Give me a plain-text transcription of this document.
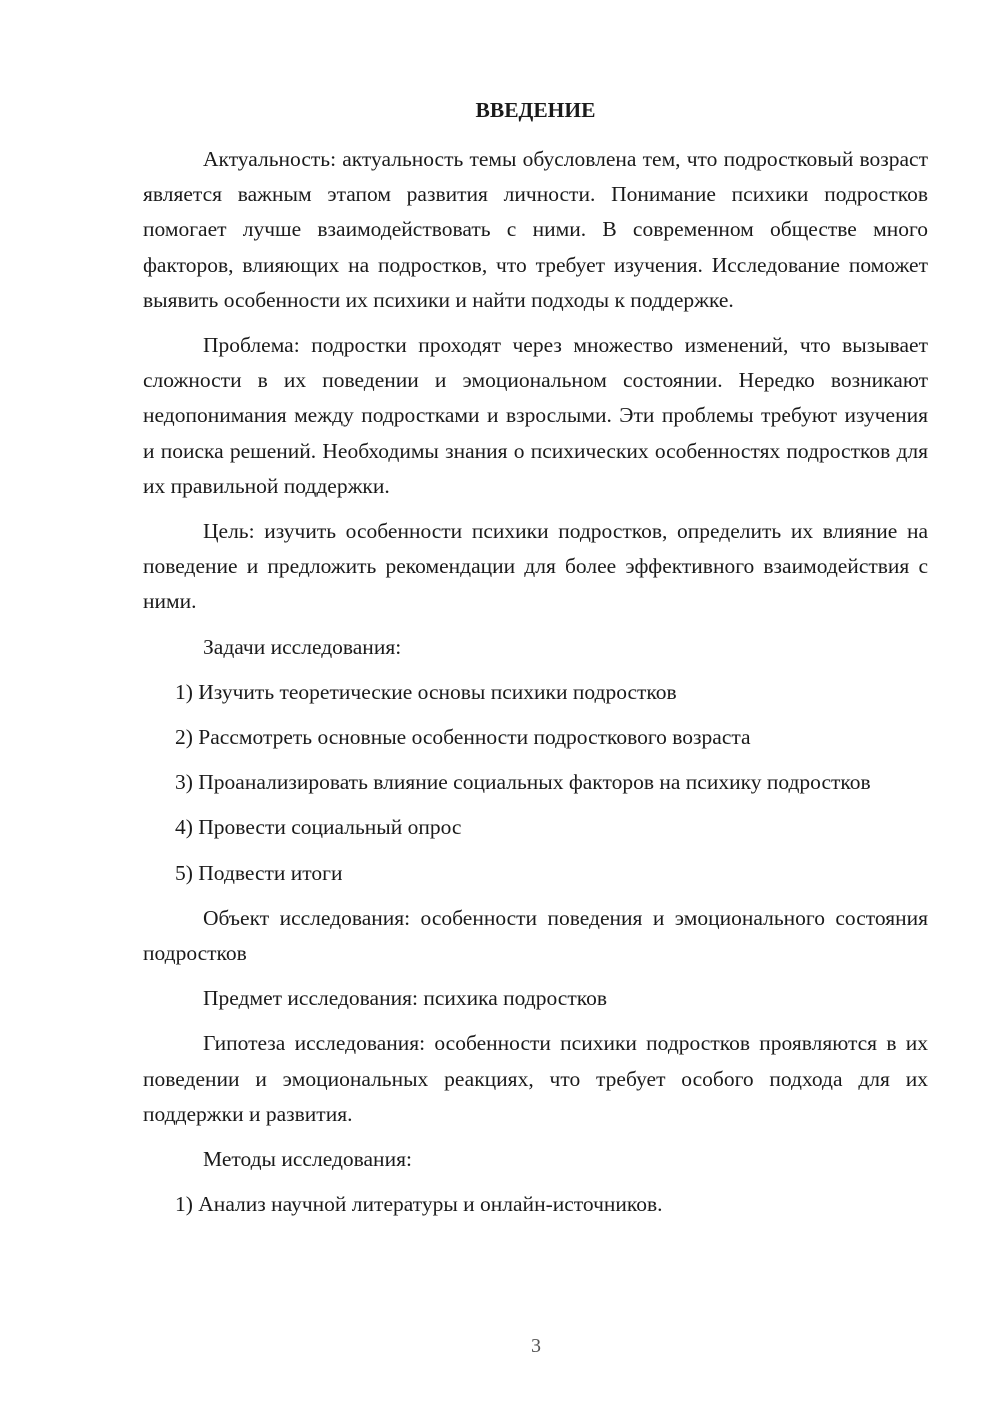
ВВЕДЕНИЕ

Актуальность: актуальность темы обусловлена тем, что подростковый возраст является важным этапом развития личности. Понимание психики подростков помогает лучше взаимодействовать с ними. В современном обществе много факторов, влияющих на подростков, что требует изучения. Исследование поможет выявить особенности их психики и найти подходы к поддержке.

Проблема: подростки проходят через множество изменений, что вызывает сложности в их поведении и эмоциональном состоянии. Нередко возникают недопонимания между подростками и взрослыми. Эти проблемы требуют изучения и поиска решений. Необходимы знания о психических особенностях подростков для их правильной поддержки.

Цель: изучить особенности психики подростков, определить их влияние на поведение и предложить рекомендации для более эффективного взаимодействия с ними.

Задачи исследования:

1) Изучить теоретические основы психики подростков

2) Рассмотреть основные особенности подросткового возраста

3) Проанализировать влияние социальных факторов на психику подростков

4) Провести социальный опрос

5) Подвести итоги

Объект исследования: особенности поведения и эмоционального состояния подростков

Предмет исследования: психика подростков

Гипотеза исследования: особенности психики подростков проявляются в их поведении и эмоциональных реакциях, что требует особого подхода для их поддержки и развития.

Методы исследования:

1) Анализ научной литературы и онлайн-источников.

3
